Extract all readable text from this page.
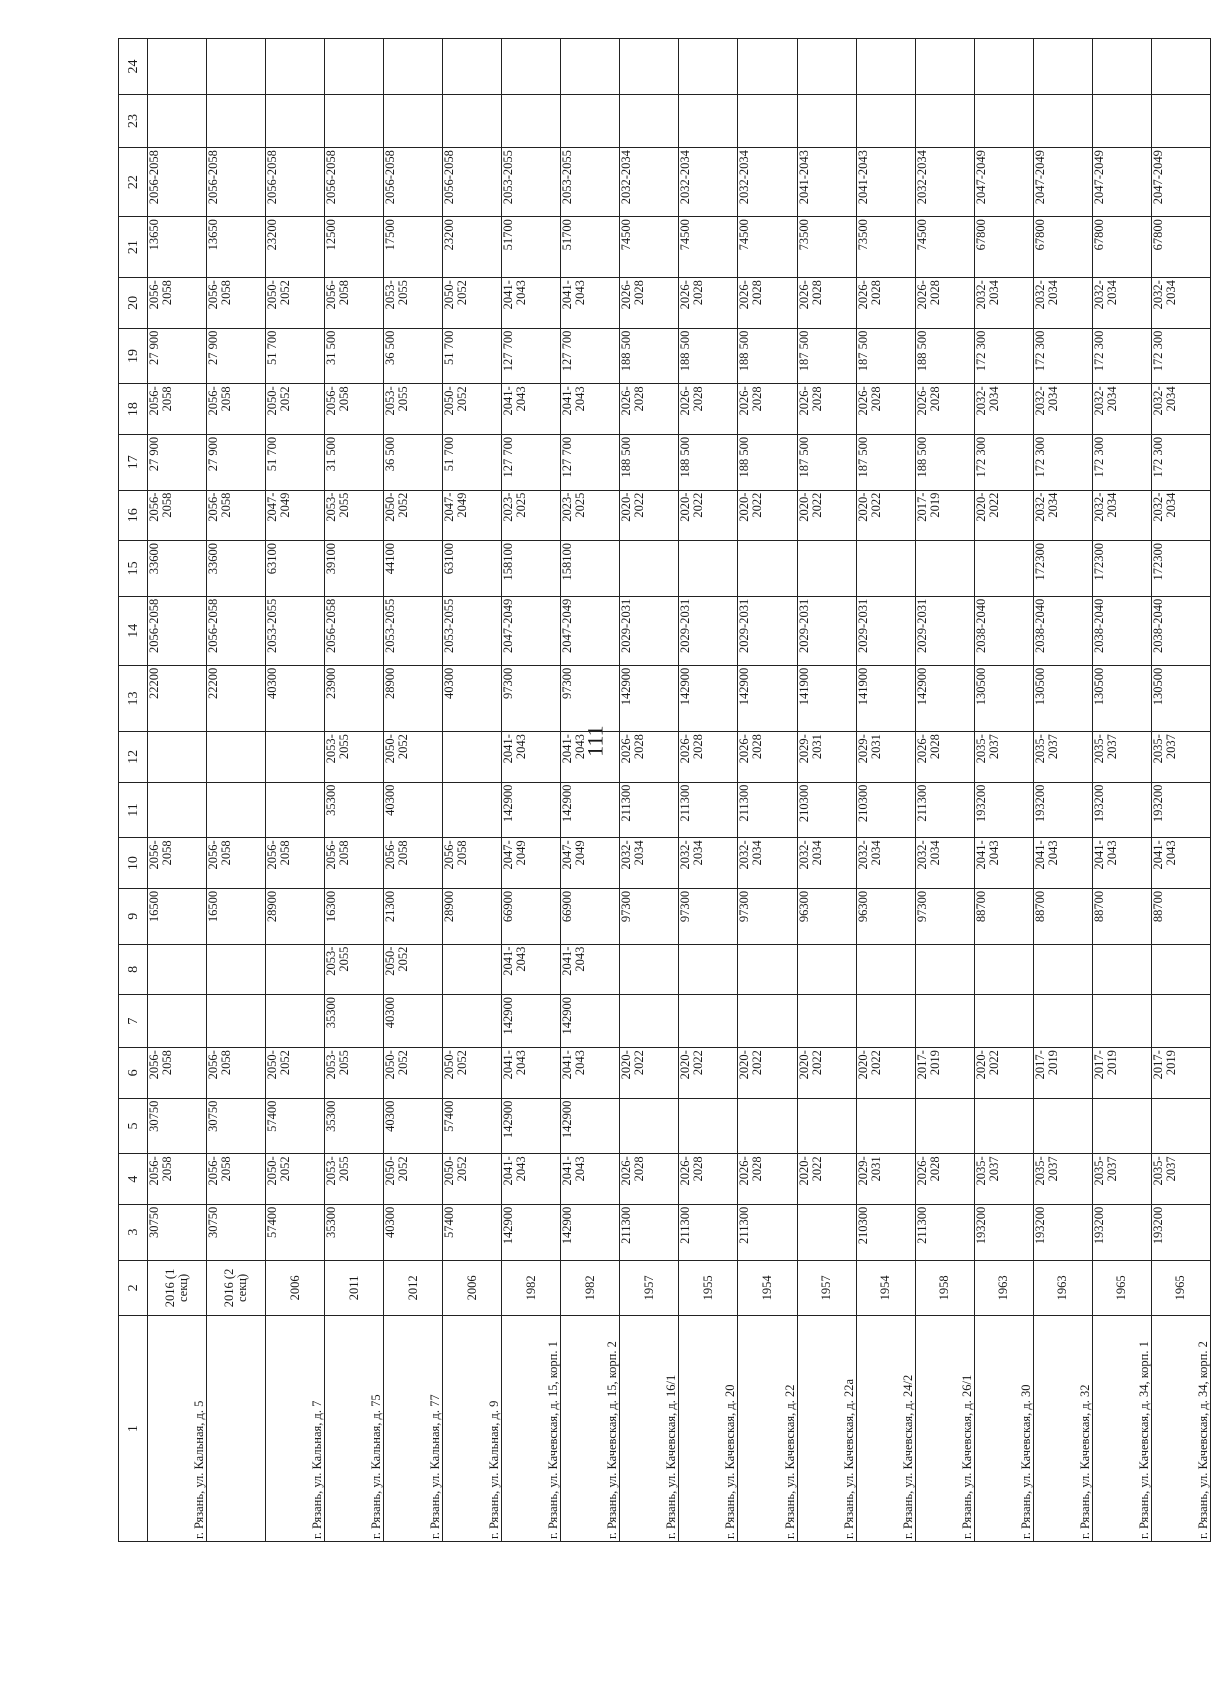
111
1	2	3	4	5	6	7	8	9	10	11	12	13	14	15	16	17	18	19	20	21	22	23	24
г. Рязань, ул. Кальная, д. 5	2016 (1 секц)	30750	2056-2058	30750	2056-2058			16500	2056-2058			22200	2056-2058	33600	2056-2058	27 900	2056-2058	27 900	2056-2058	13650	2056-2058		
	2016 (2 секц)	30750	2056-2058	30750	2056-2058			16500	2056-2058			22200	2056-2058	33600	2056-2058	27 900	2056-2058	27 900	2056-2058	13650	2056-2058		
г. Рязань, ул. Кальная, д. 7	2006	57400	2050-2052	57400	2050-2052			28900	2056-2058			40300	2053-2055	63100	2047-2049	51 700	2050-2052	51 700	2050-2052	23200	2056-2058		
г. Рязань, ул. Кальная, д. 75	2011	35300	2053-2055	35300	2053-2055	35300	2053-2055	16300	2056-2058	35300	2053-2055	23900	2056-2058	39100	2053-2055	31 500	2056-2058	31 500	2056-2058	12500	2056-2058		
г. Рязань, ул. Кальная, д. 77	2012	40300	2050-2052	40300	2050-2052	40300	2050-2052	21300	2056-2058	40300	2050-2052	28900	2053-2055	44100	2050-2052	36 500	2053-2055	36 500	2053-2055	17500	2056-2058		
г. Рязань, ул. Кальная, д. 9	2006	57400	2050-2052	57400	2050-2052			28900	2056-2058			40300	2053-2055	63100	2047-2049	51 700	2050-2052	51 700	2050-2052	23200	2056-2058		
г. Рязань, ул. Качевская, д. 15, корп. 1	1982	142900	2041-2043	142900	2041-2043	142900	2041-2043	66900	2047-2049	142900	2041-2043	97300	2047-2049	158100	2023-2025	127 700	2041-2043	127 700	2041-2043	51700	2053-2055		
г. Рязань, ул. Качевская, д. 15, корп. 2	1982	142900	2041-2043	142900	2041-2043	142900	2041-2043	66900	2047-2049	142900	2041-2043	97300	2047-2049	158100	2023-2025	127 700	2041-2043	127 700	2041-2043	51700	2053-2055		
г. Рязань, ул. Качевская, д. 16/1	1957	211300	2026-2028		2020-2022			97300	2032-2034	211300	2026-2028	142900	2029-2031		2020-2022	188 500	2026-2028	188 500	2026-2028	74500	2032-2034		
г. Рязань, ул. Качевская, д. 20	1955	211300	2026-2028		2020-2022			97300	2032-2034	211300	2026-2028	142900	2029-2031		2020-2022	188 500	2026-2028	188 500	2026-2028	74500	2032-2034		
г. Рязань, ул. Качевская, д. 22	1954	211300	2026-2028		2020-2022			97300	2032-2034	211300	2026-2028	142900	2029-2031		2020-2022	188 500	2026-2028	188 500	2026-2028	74500	2032-2034		
г. Рязань, ул. Качевская, д. 22а	1957		2020-2022		2020-2022			96300	2032-2034	210300	2029-2031	141900	2029-2031		2020-2022	187 500	2026-2028	187 500	2026-2028	73500	2041-2043		
г. Рязань, ул. Качевская, д. 24/2	1954	210300	2029-2031		2020-2022			96300	2032-2034	210300	2029-2031	141900	2029-2031		2020-2022	187 500	2026-2028	187 500	2026-2028	73500	2041-2043		
г. Рязань, ул. Качевская, д. 26/1	1958	211300	2026-2028		2017-2019			97300	2032-2034	211300	2026-2028	142900	2029-2031		2017-2019	188 500	2026-2028	188 500	2026-2028	74500	2032-2034		
г. Рязань, ул. Качевская, д. 30	1963	193200	2035-2037		2020-2022			88700	2041-2043	193200	2035-2037	130500	2038-2040		2020-2022	172 300	2032-2034	172 300	2032-2034	67800	2047-2049		
г. Рязань, ул. Качевская, д. 32	1963	193200	2035-2037		2017-2019			88700	2041-2043	193200	2035-2037	130500	2038-2040	172300	2032-2034	172 300	2032-2034	172 300	2032-2034	67800	2047-2049		
г. Рязань, ул. Качевская, д. 34, корп. 1	1965	193200	2035-2037		2017-2019			88700	2041-2043	193200	2035-2037	130500	2038-2040	172300	2032-2034	172 300	2032-2034	172 300	2032-2034	67800	2047-2049		
г. Рязань, ул. Качевская, д. 34, корп. 2	1965	193200	2035-2037		2017-2019			88700	2041-2043	193200	2035-2037	130500	2038-2040	172300	2032-2034	172 300	2032-2034	172 300	2032-2034	67800	2047-2049		
